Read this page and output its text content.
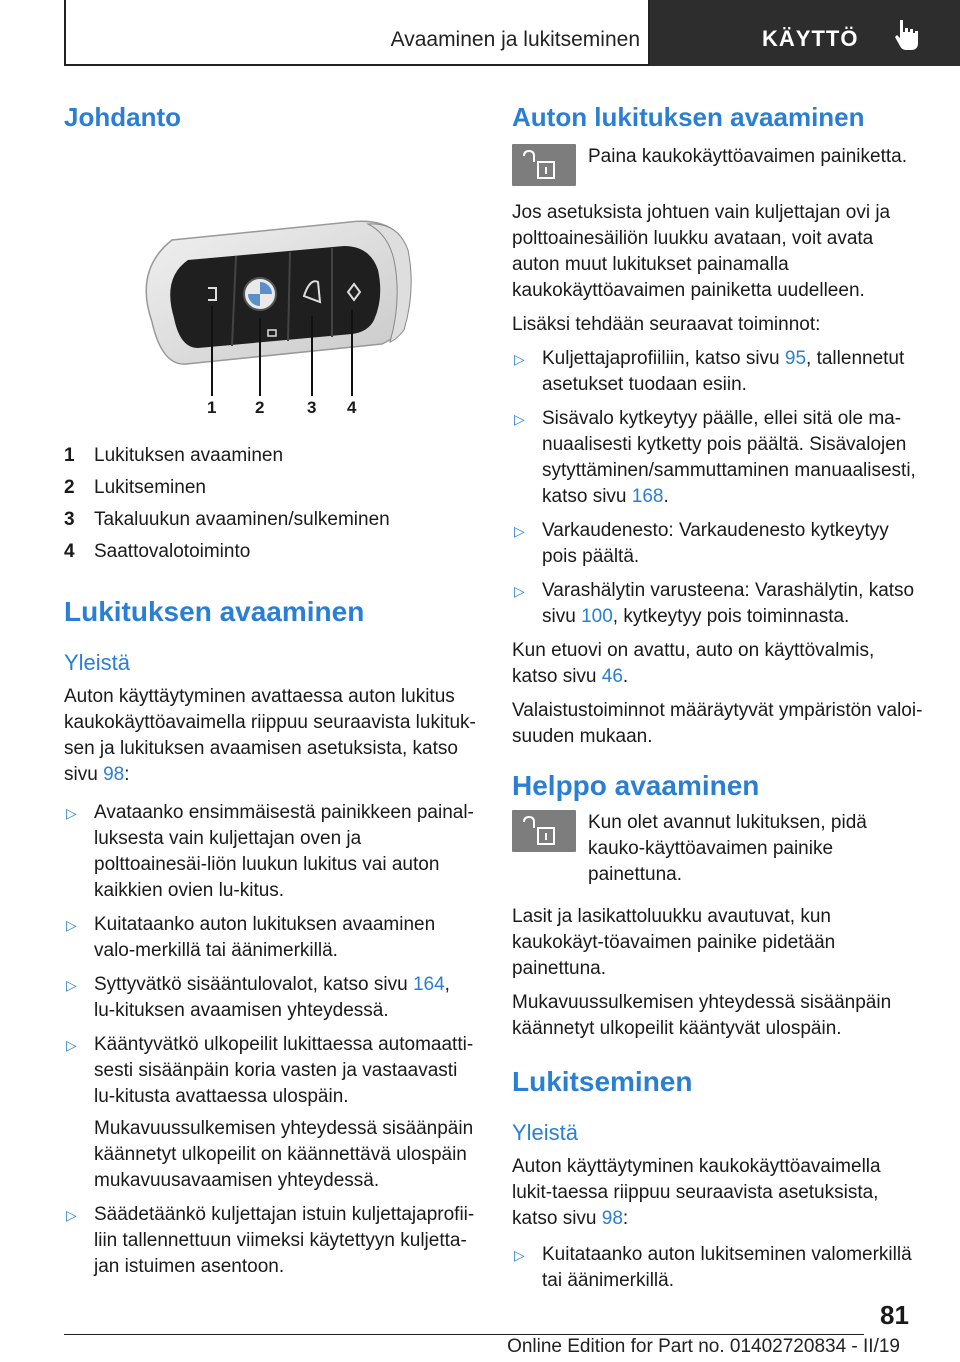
Avaaminen ja lukitseminen	KÄYTTÖ
Johdanto
1 2	3 4
1	Lukituksen avaaminen
2	Lukitseminen
3	Takaluukun avaaminen/sulkeminen
4	Saattovalotoiminto
Lukituksen avaaminen
Yleistä

Auton käyttäytyminen avattaessa auton lukitus kaukokäyttöavaimella riippuu seuraavista lukituk‐sen ja lukituksen avaamisen asetuksista, katso sivu 98:

▷ Avataanko ensimmäisestä painikkeen painal‐luksesta vain kuljettajan oven ja polttoainesäi‐liön luukun lukitus vai auton kaikkien ovien lu‐kitus.
▷ Kuitataanko auton lukituksen avaaminen valo‐merkillä tai äänimerkillä.
▷ Syttyvätkö sisääntulovalot, katso sivu 164, lu‐kituksen avaamisen yhteydessä.
▷ Kääntyvätkö ulkopeilit lukittaessa automaatti‐sesti sisäänpäin koria vasten ja vastaavasti lu‐kitusta avattaessa ulospäin.
Mukavuussulkemisen yhteydessä sisäänpäin käännetyt ulkopeilit on käännettävä ulospäin mukavuusavaamisen yhteydessä.
▷ Säädetäänkö kuljettajan istuin kuljettajaprofii‐liin tallennettuun viimeksi käytettyyn kuljetta‐jan istuimen asentoon.
Auton lukituksen avaaminen

Paina kaukokäyttöavaimen painiketta.

Jos asetuksista johtuen vain kuljettajan ovi ja polttoainesäiliön luukku avataan, voit avata auton muut lukitukset painamalla kaukokäyttöavaimen painiketta uudelleen.

Lisäksi tehdään seuraavat toiminnot:

▷ Kuljettajaprofiiliin, katso sivu 95, tallennetut asetukset tuodaan esiin.
▷ Sisävalo kytkeytyy päälle, ellei sitä ole ma‐nuaalisesti kytketty pois päältä. Sisävalojen sytyttäminen/sammuttaminen manuaalisesti, katso sivu 168.
▷ Varkaudenesto: Varkaudenesto kytkeytyy pois päältä.
▷ Varashälytin varusteena: Varashälytin, katso sivu 100, kytkeytyy pois toiminnasta.

Kun etuovi on avattu, auto on käyttövalmis, katso sivu 46.

Valaistustoiminnot määräytyvät ympäristön valoi‐suuden mukaan.

Helppo avaaminen

Kun olet avannut lukituksen, pidä kauko‐käyttöavaimen painike painettuna.

Lasit ja lasikattoluukku avautuvat, kun kaukokäyt‐töavaimen painike pidetään painettuna.

Mukavuussulkemisen yhteydessä sisäänpäin käännetyt ulkopeilit kääntyvät ulospäin.

Lukitseminen
Yleistä

Auton käyttäytyminen kaukokäyttöavaimella lukit‐taessa riippuu seuraavista asetuksista, katso sivu 98:

▷ Kuitataanko auton lukitseminen valomerkillä tai äänimerkillä.
81
Online Edition for Part no. 01402720834 - II/19
